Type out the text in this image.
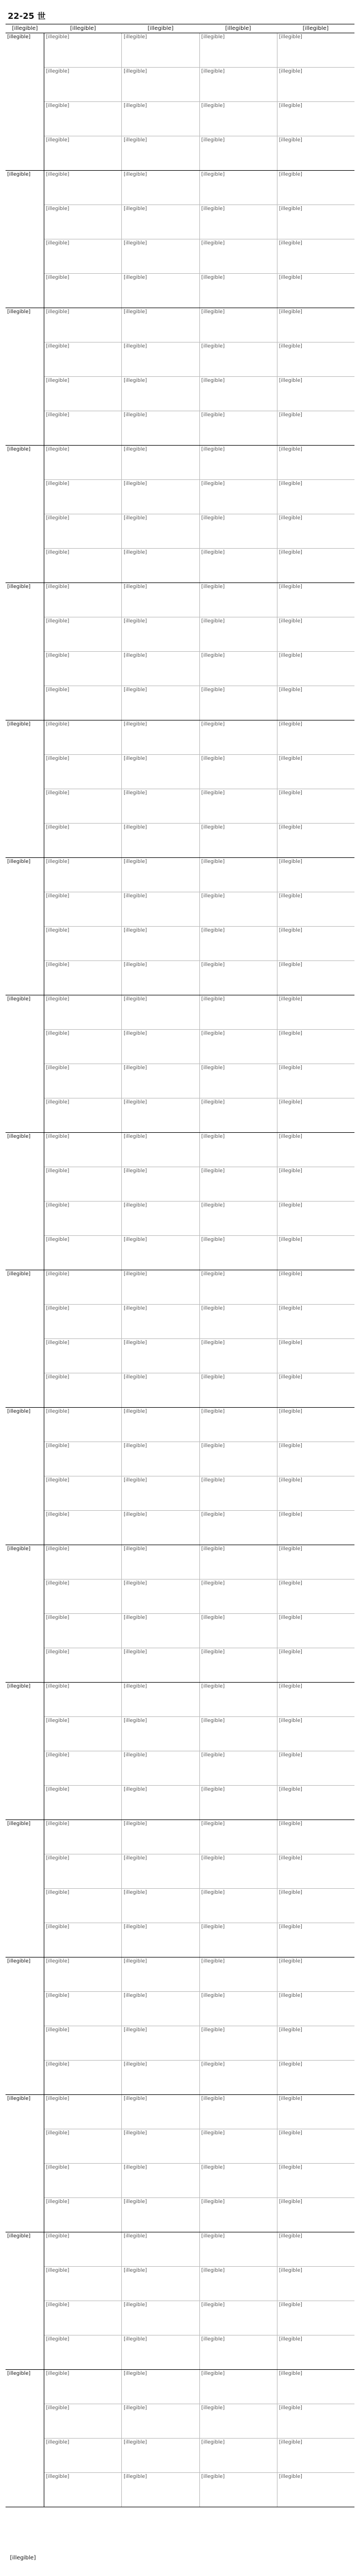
22-25 世
[illegible]	[illegible]	[illegible]	[illegible]	[illegible]
[illegible]	[illegible]	[illegible]	[illegible]	[illegible]
[illegible]	[illegible]	[illegible]	[illegible]
[illegible]	[illegible]	[illegible]	[illegible]
[illegible]	[illegible]	[illegible]	[illegible]
[illegible]	[illegible]	[illegible]	[illegible]	[illegible]
[illegible]	[illegible]	[illegible]	[illegible]
[illegible]	[illegible]	[illegible]	[illegible]
[illegible]	[illegible]	[illegible]	[illegible]
[illegible]	[illegible]	[illegible]	[illegible]	[illegible]
[illegible]	[illegible]	[illegible]	[illegible]
[illegible]	[illegible]	[illegible]	[illegible]
[illegible]	[illegible]	[illegible]	[illegible]
[illegible]	[illegible]	[illegible]	[illegible]	[illegible]
[illegible]	[illegible]	[illegible]	[illegible]
[illegible]	[illegible]	[illegible]	[illegible]
[illegible]	[illegible]	[illegible]	[illegible]
[illegible]	[illegible]	[illegible]	[illegible]	[illegible]
[illegible]	[illegible]	[illegible]	[illegible]
[illegible]	[illegible]	[illegible]	[illegible]
[illegible]	[illegible]	[illegible]	[illegible]
[illegible]	[illegible]	[illegible]	[illegible]	[illegible]
[illegible]	[illegible]	[illegible]	[illegible]
[illegible]	[illegible]	[illegible]	[illegible]
[illegible]	[illegible]	[illegible]	[illegible]
[illegible]	[illegible]	[illegible]	[illegible]	[illegible]
[illegible]	[illegible]	[illegible]	[illegible]
[illegible]	[illegible]	[illegible]	[illegible]
[illegible]	[illegible]	[illegible]	[illegible]
[illegible]	[illegible]	[illegible]	[illegible]	[illegible]
[illegible]	[illegible]	[illegible]	[illegible]
[illegible]	[illegible]	[illegible]	[illegible]
[illegible]	[illegible]	[illegible]	[illegible]
[illegible]	[illegible]	[illegible]	[illegible]	[illegible]
[illegible]	[illegible]	[illegible]	[illegible]
[illegible]	[illegible]	[illegible]	[illegible]
[illegible]	[illegible]	[illegible]	[illegible]
[illegible]	[illegible]	[illegible]	[illegible]	[illegible]
[illegible]	[illegible]	[illegible]	[illegible]
[illegible]	[illegible]	[illegible]	[illegible]
[illegible]	[illegible]	[illegible]	[illegible]
[illegible]	[illegible]	[illegible]	[illegible]	[illegible]
[illegible]	[illegible]	[illegible]	[illegible]
[illegible]	[illegible]	[illegible]	[illegible]
[illegible]	[illegible]	[illegible]	[illegible]
[illegible]	[illegible]	[illegible]	[illegible]	[illegible]
[illegible]	[illegible]	[illegible]	[illegible]
[illegible]	[illegible]	[illegible]	[illegible]
[illegible]	[illegible]	[illegible]	[illegible]
[illegible]	[illegible]	[illegible]	[illegible]	[illegible]
[illegible]	[illegible]	[illegible]	[illegible]
[illegible]	[illegible]	[illegible]	[illegible]
[illegible]	[illegible]	[illegible]	[illegible]
[illegible]	[illegible]	[illegible]	[illegible]	[illegible]
[illegible]	[illegible]	[illegible]	[illegible]
[illegible]	[illegible]	[illegible]	[illegible]
[illegible]	[illegible]	[illegible]	[illegible]
[illegible]	[illegible]	[illegible]	[illegible]	[illegible]
[illegible]	[illegible]	[illegible]	[illegible]
[illegible]	[illegible]	[illegible]	[illegible]
[illegible]	[illegible]	[illegible]	[illegible]
[illegible]	[illegible]	[illegible]	[illegible]	[illegible]
[illegible]	[illegible]	[illegible]	[illegible]
[illegible]	[illegible]	[illegible]	[illegible]
[illegible]	[illegible]	[illegible]	[illegible]
[illegible]	[illegible]	[illegible]	[illegible]	[illegible]
[illegible]	[illegible]	[illegible]	[illegible]
[illegible]	[illegible]	[illegible]	[illegible]
[illegible]	[illegible]	[illegible]	[illegible]
[illegible]	[illegible]	[illegible]	[illegible]	[illegible]
[illegible]	[illegible]	[illegible]	[illegible]
[illegible]	[illegible]	[illegible]	[illegible]
[illegible]	[illegible]	[illegible]	[illegible]
[illegible]
